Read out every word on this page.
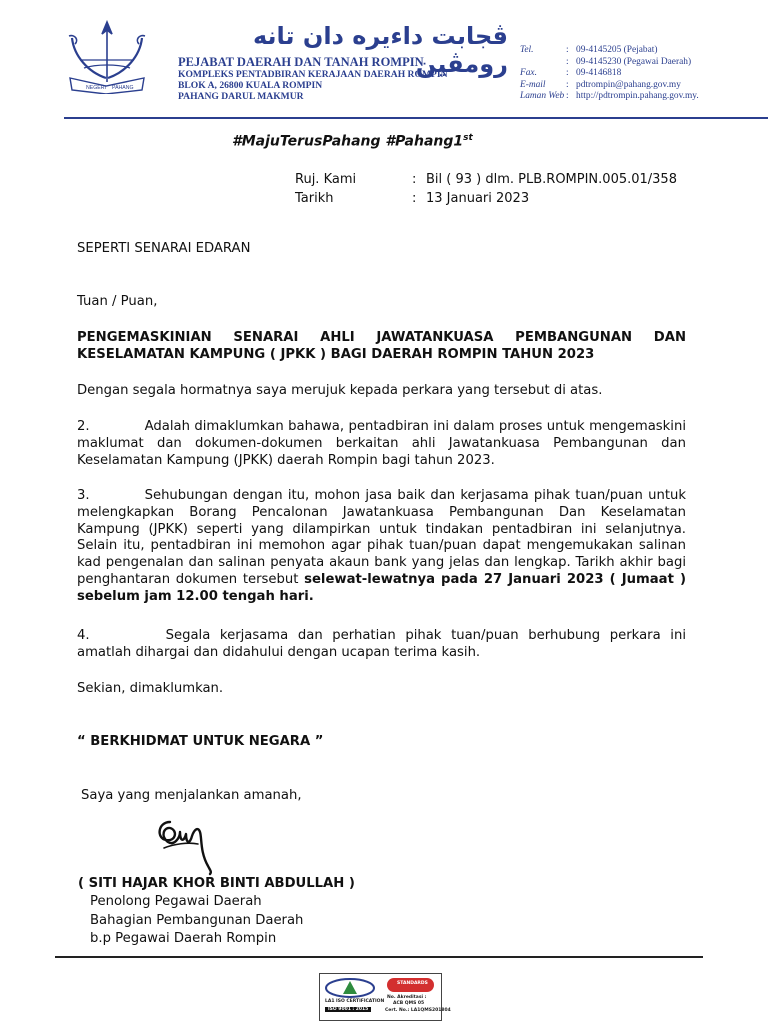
NEGERI PAHANG
ڤجابت داءيره دان تانه رومڤين
PEJABAT DAERAH DAN TANAH ROMPIN
KOMPLEKS PENTADBIRAN KERAJAAN DAERAH ROMPIN
BLOK A, 26800 KUALA ROMPIN
PAHANG DARUL MAKMUR
Tel.	: 09-4145205 (Pejabat)
: 09-4145230 (Pegawai Daerah)
Fax.	: 09-4146818
E-mail	: pdtrompin@pahang.gov.my
Laman Web : http://pdtrompin.pahang.gov.my.
#MajuTerusPahang #Pahang1st
Ruj. Kami	: Bil ( 93 ) dlm. PLB.ROMPIN.005.01/358
Tarikh	: 13 Januari 2023
SEPERTI SENARAI EDARAN
Tuan / Puan,
PENGEMASKINIAN SENARAI AHLI JAWATANKUASA PEMBANGUNAN DAN KESELAMATAN KAMPUNG ( JPKK ) BAGI DAERAH ROMPIN TAHUN 2023
Dengan segala hormatnya saya merujuk kepada perkara yang tersebut di atas.
2.	Adalah dimaklumkan bahawa, pentadbiran ini dalam proses untuk mengemaskini maklumat dan dokumen-dokumen berkaitan ahli Jawatankuasa Pembangunan dan Keselamatan Kampung (JPKK) daerah Rompin bagi tahun 2023.
3.	Sehubungan dengan itu, mohon jasa baik dan kerjasama pihak tuan/puan untuk melengkapkan Borang Pencalonan Jawatankuasa Pembangunan Dan Keselamatan Kampung (JPKK) seperti yang dilampirkan untuk tindakan pentadbiran ini selanjutnya. Selain itu, pentadbiran ini memohon agar pihak tuan/puan dapat mengemukakan salinan kad pengenalan dan salinan penyata akaun bank yang jelas dan lengkap. Tarikh akhir bagi penghantaran dokumen tersebut selewat-lewatnya pada 27 Januari 2023 ( Jumaat ) sebelum jam 12.00 tengah hari.
4.	Segala kerjasama dan perhatian pihak tuan/puan berhubung perkara ini amatlah dihargai dan didahului dengan ucapan terima kasih.
Sekian, dimaklumkan.
“ BERKHIDMAT UNTUK NEGARA ”
Saya yang menjalankan amanah,
( SITI HAJAR KHOR BINTI ABDULLAH )
Penolong Pegawai Daerah
Bahagian Pembangunan Daerah
b.p Pegawai Daerah Rompin
LA1 ISO CERTIFICATION
ISO 9001 : 2015
STANDARDS
No. Akreditasi :
ACB QMS 05
Cert. No.: LA1QMS201804
